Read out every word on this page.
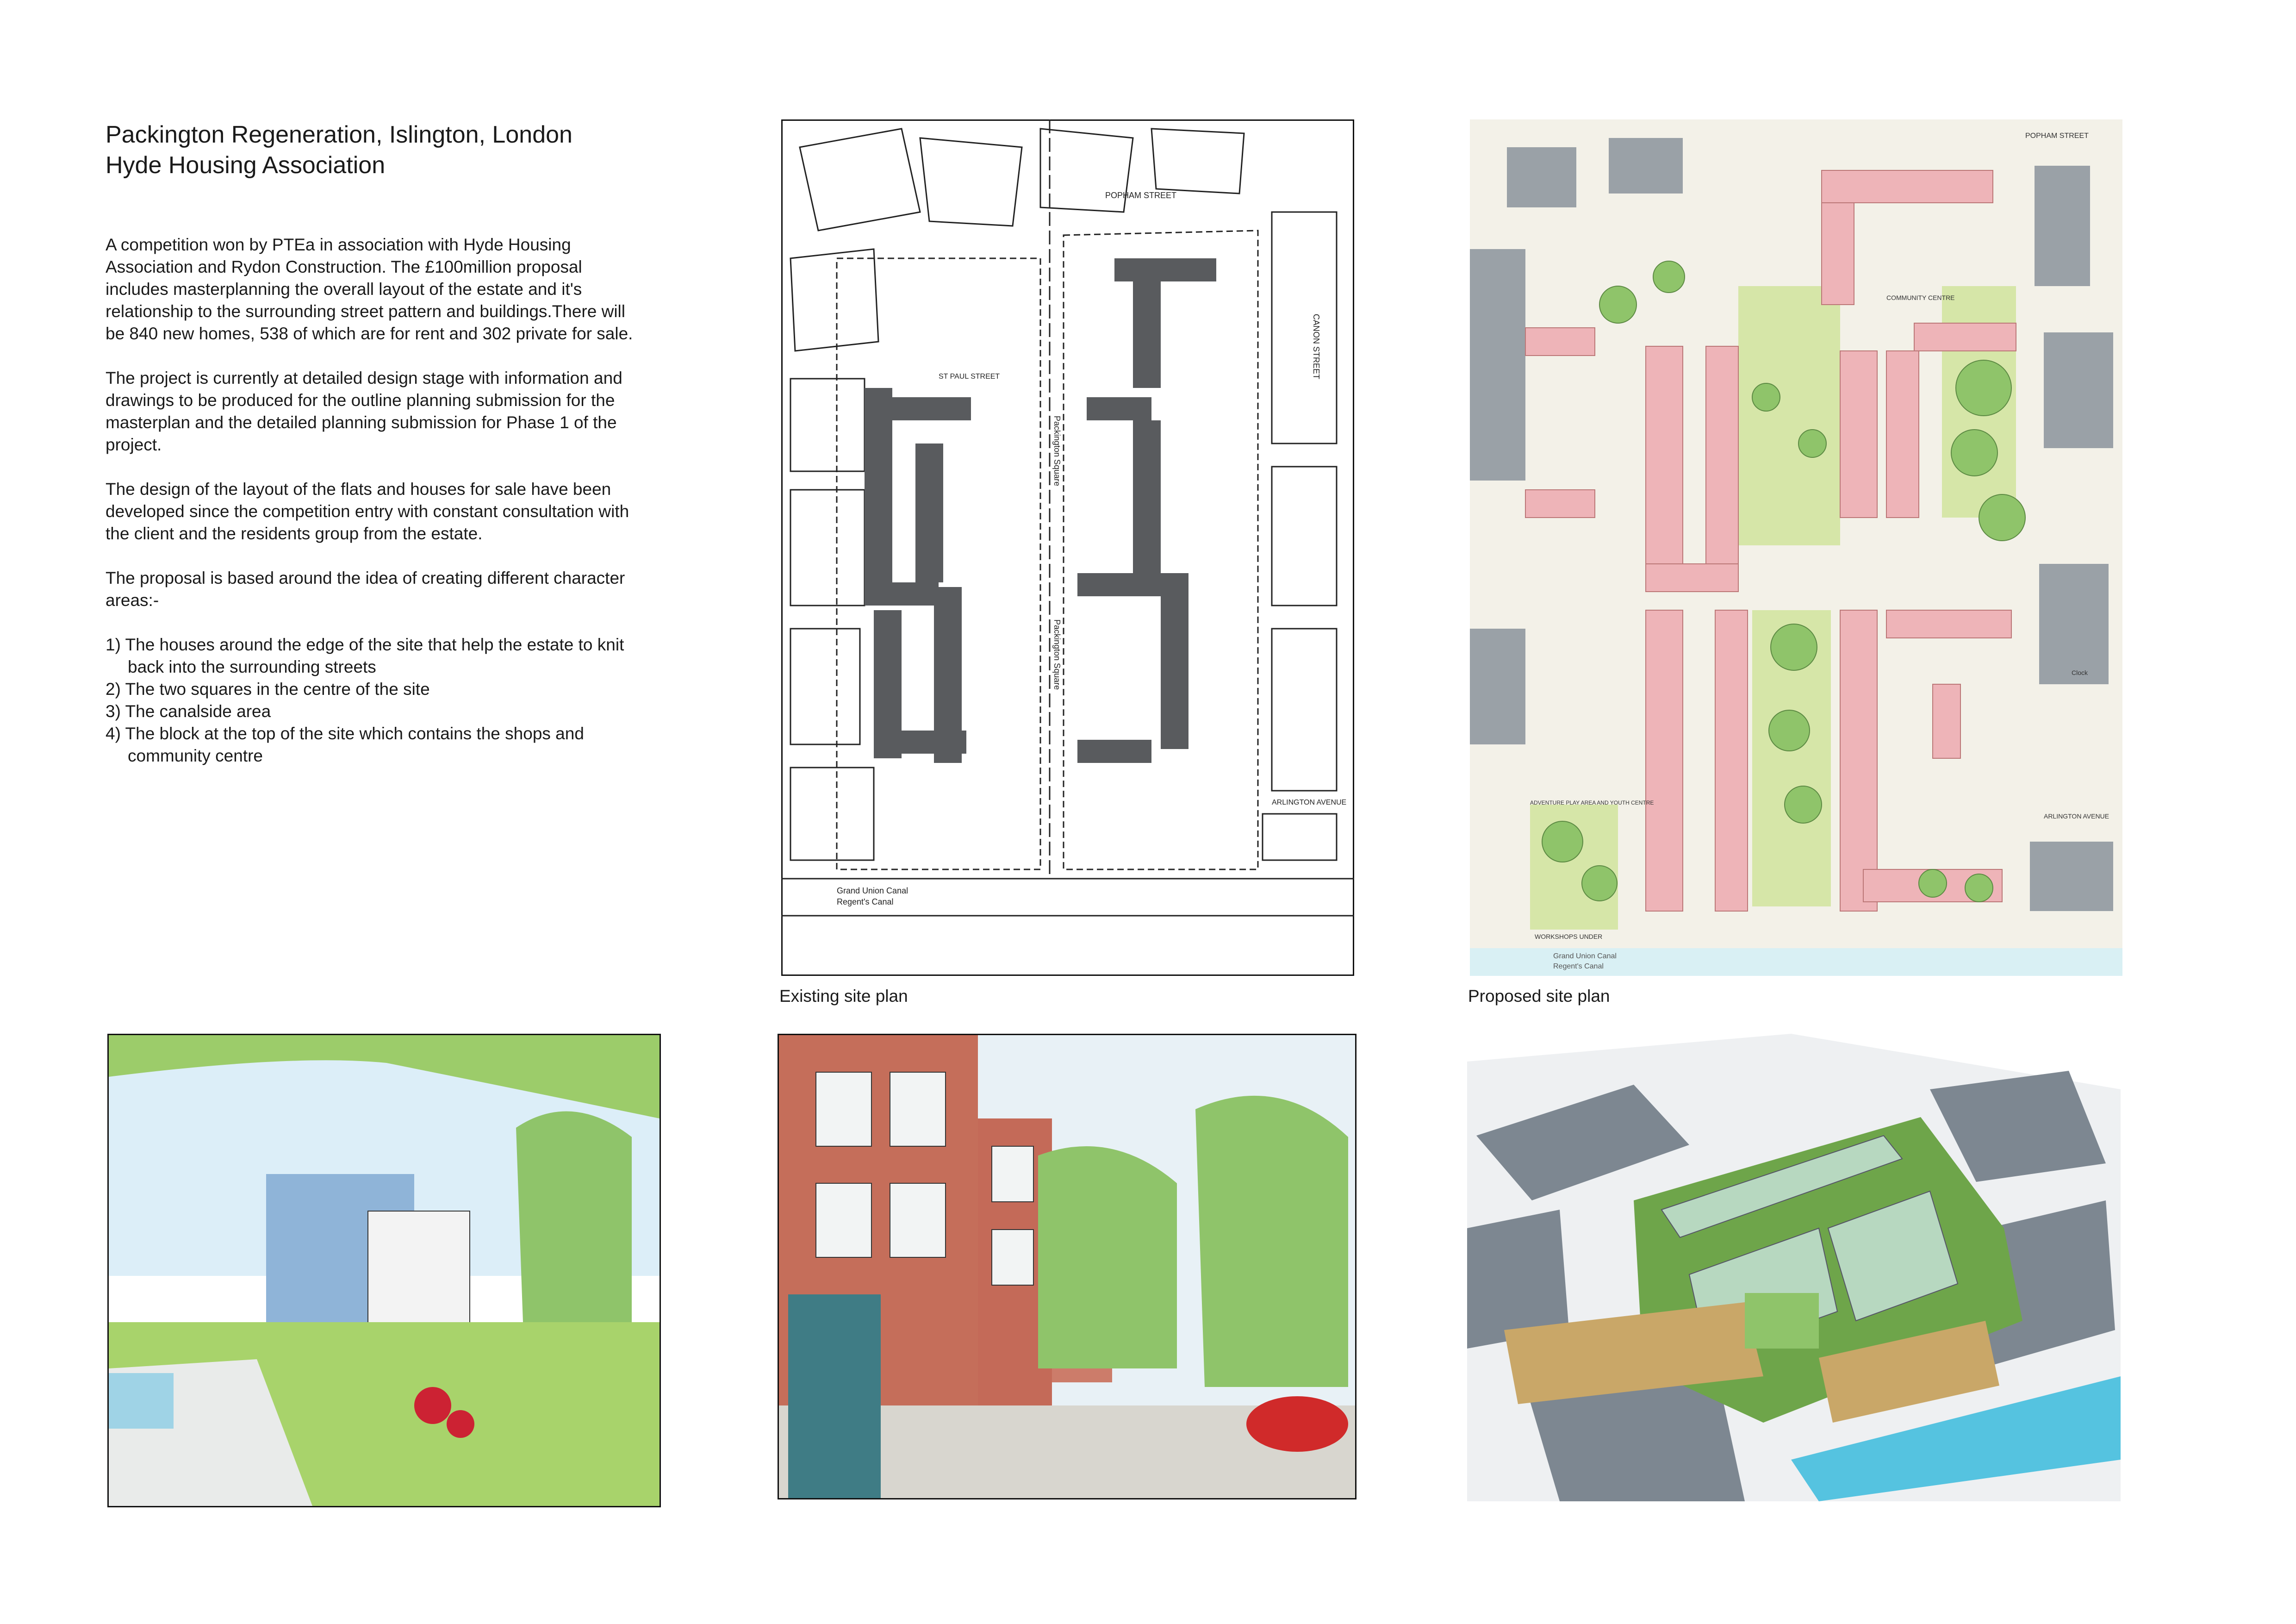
Packington Regeneration, Islington, London
Hyde Housing Association

A competition won by PTEa in association with Hyde Housing Association and Rydon Construction. The £100million proposal includes masterplanning the overall layout of the estate and it's relationship to the surrounding street pattern and buildings.There will be 840 new homes, 538 of which are for rent and 302 private for sale.

The project is currently at detailed design stage with information and drawings to be produced for the outline planning submission for the masterplan and the detailed planning submission for Phase 1 of the project.

The design of the layout of the flats and houses for sale have been developed since the competition entry with constant consultation with the client and the residents group from the estate.

The proposal is based around the idea of creating different character areas:-

1) The houses around the edge of the site that help the estate to knit back into the surrounding streets
2) The two squares in the centre of the site
3) The canalside area
4) The block at the top of the site which contains the shops and community centre
POPHAM STREET
CANON STREET
Packington Square
Packington Square
ST PAUL STREET
ARLINGTON AVENUE
Grand Union Canal
Regent's Canal
Existing site plan
POPHAM STREET
COMMUNITY CENTRE
ADVENTURE PLAY AREA AND YOUTH CENTRE
WORKSHOPS UNDER
ARLINGTON AVENUE
Clock
Grand Union Canal
Regent's Canal
Proposed site plan
